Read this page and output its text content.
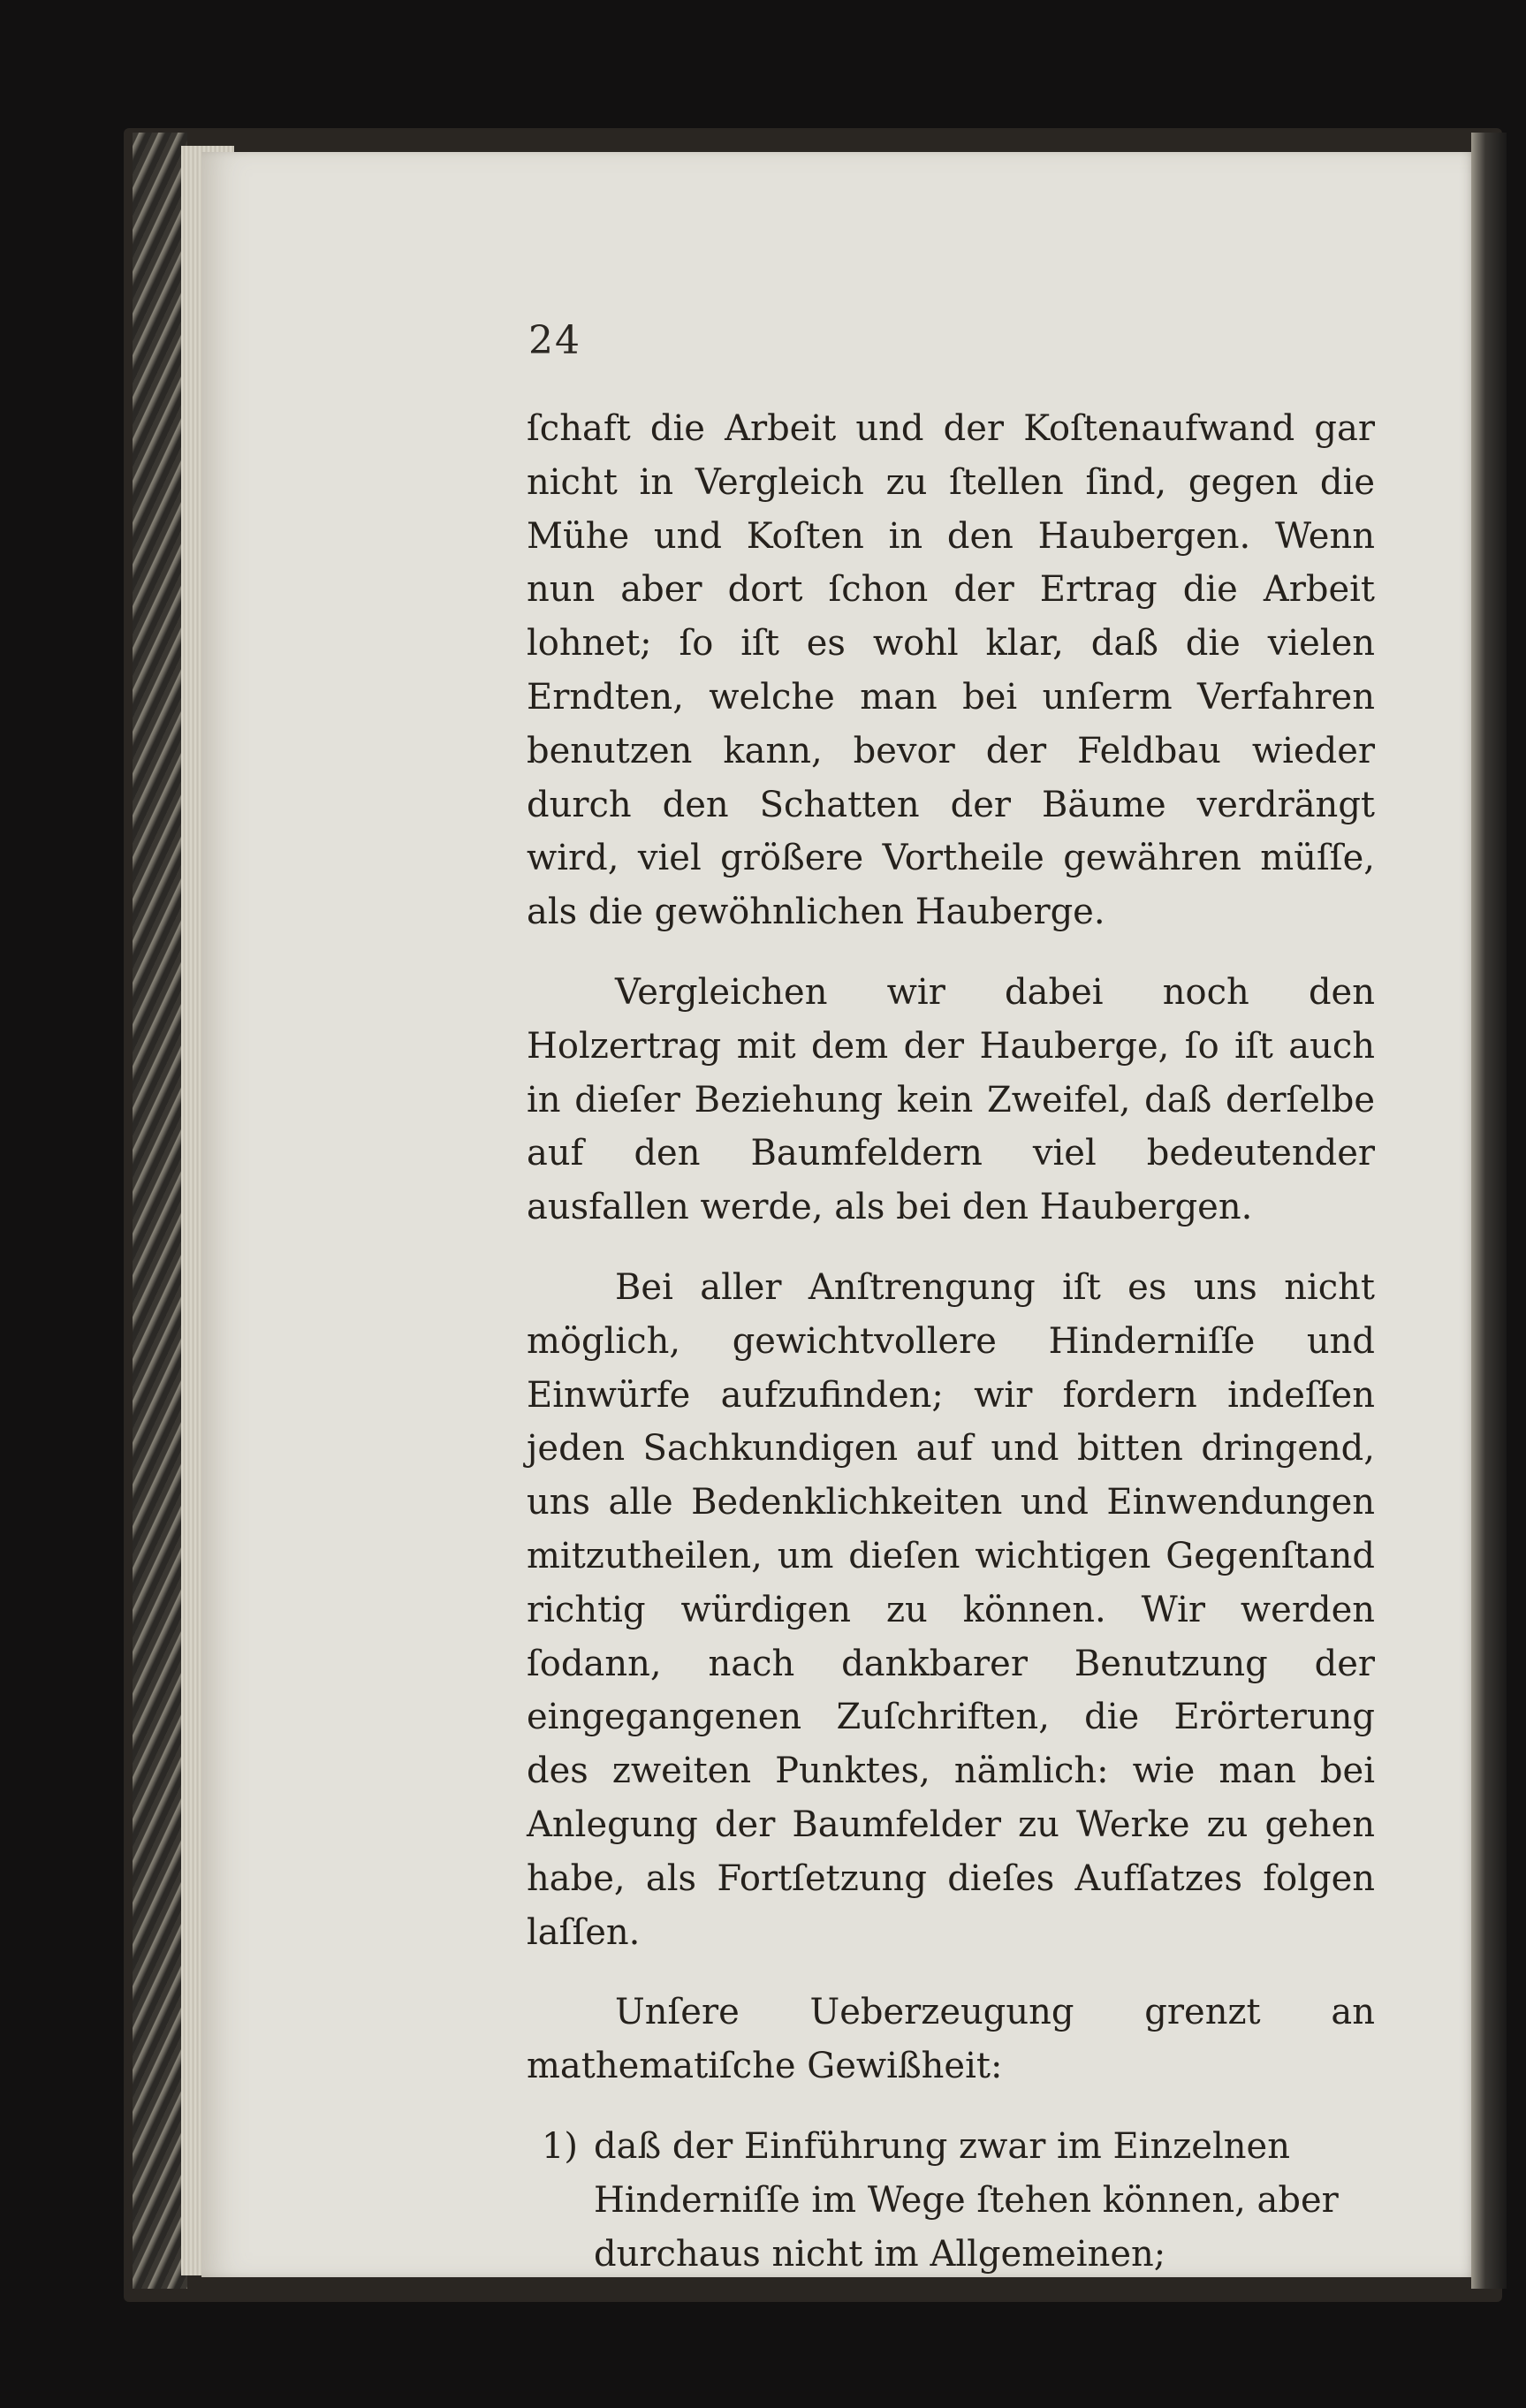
24

ſchaft die Arbeit und der Koſtenaufwand gar nicht in Vergleich zu ſtellen ſind, gegen die Mühe und Koſten in den Haubergen. Wenn nun aber dort ſchon der Ertrag die Arbeit lohnet; ſo iſt es wohl klar, daß die vielen Erndten, welche man bei unſerm Verfahren benutzen kann, bevor der Feldbau wieder durch den Schatten der Bäume verdrängt wird, viel größere Vortheile gewähren müſſe, als die gewöhnlichen Hauberge.

Vergleichen wir dabei noch den Holzertrag mit dem der Hauberge, ſo iſt auch in dieſer Beziehung kein Zweifel, daß derſelbe auf den Baumfeldern viel bedeutender ausfallen werde, als bei den Haubergen.

Bei aller Anſtrengung iſt es uns nicht möglich, gewichtvollere Hinderniſſe und Einwürfe aufzufinden; wir fordern indeſſen jeden Sachkundigen auf und bitten dringend, uns alle Bedenklichkeiten und Einwendungen mitzutheilen, um dieſen wichtigen Gegenſtand richtig würdigen zu können. Wir werden ſodann, nach dankbarer Benutzung der eingegangenen Zuſchriften, die Erörterung des zweiten Punktes, nämlich: wie man bei Anlegung der Baumfelder zu Werke zu gehen habe, als Fortſetzung dieſes Aufſatzes folgen laſſen.

Unſere Ueberzeugung grenzt an mathematiſche Gewißheit:

1) daß der Einführung zwar im Einzelnen Hinderniſſe im Wege ſtehen können, aber durchaus nicht im Allgemeinen;
